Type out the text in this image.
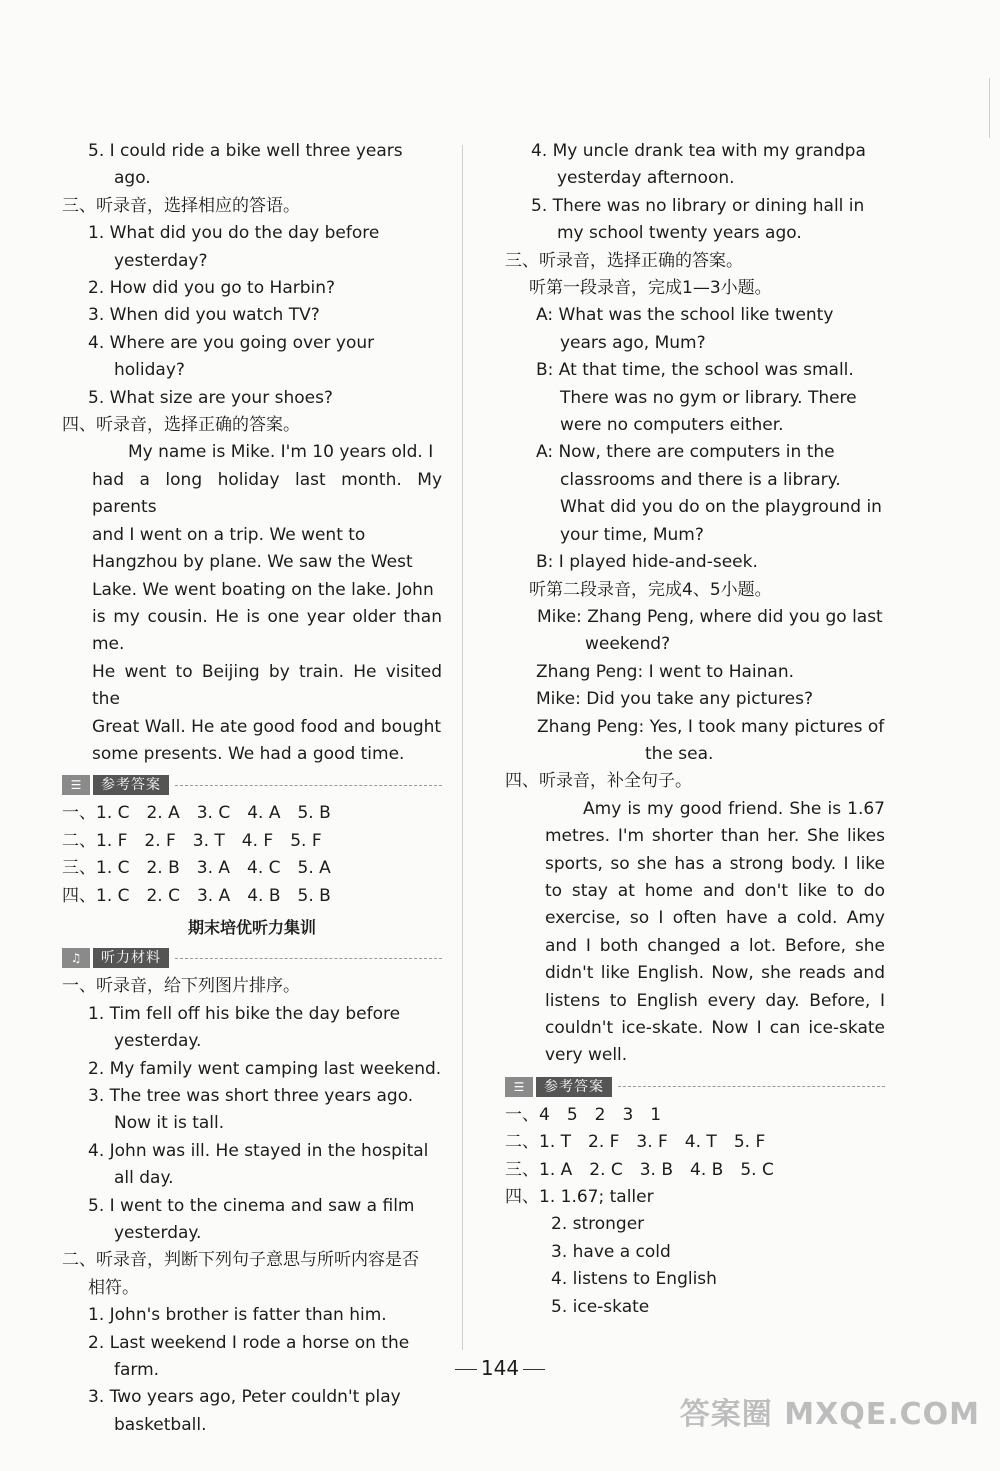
5. I could ride a bike well three years
ago.

三、听录音，选择相应的答语。

1. What did you do the day before
yesterday?

2. How did you go to Harbin?

3. When did you watch TV?

4. Where are you going over your holiday?

5. What size are your shoes?

四、听录音，选择正确的答案。

My name is Mike. I'm 10 years old. I
had a long holiday last month. My parents
and I went on a trip. We went to
Hangzhou by plane. We saw the West
Lake. We went boating on the lake. John
is my cousin. He is one year older than me.
He went to Beijing by train. He visited the
Great Wall. He ate good food and bought
some presents. We had a good time.
☰	参考答案
一、1. C　2. A　3. C　4. A　5. B
二、1. F　2. F　3. T　4. F　5. F
三、1. C　2. B　3. A　4. C　5. A
四、1. C　2. C　3. A　4. B　5. B
期末培优听力集训
♫	听力材料

一、听录音，给下列图片排序。

1. Tim fell off his bike the day before
yesterday.

2. My family went camping last weekend.

3. The tree was short three years ago.
Now it is tall.

4. John was ill. He stayed in the hospital
all day.

5. I went to the cinema and saw a film
yesterday.

二、听录音，判断下列句子意思与所听内容是否
相符。

1. John's brother is fatter than him.

2. Last weekend I rode a horse on the
farm.

3. Two years ago, Peter couldn't play
basketball.

4. My uncle drank tea with my grandpa
yesterday afternoon.

5. There was no library or dining hall in
my school twenty years ago.

三、听录音，选择正确的答案。

听第一段录音，完成1—3小题。

A: What was the school like twenty years ago, Mum?

B: At that time, the school was small. There was no gym or library. There were no computers either.

A: Now, there are computers in the classrooms and there is a library. What did you do on the playground in your time, Mum?

B: I played hide-and-seek.

听第二段录音，完成4、5小题。

Mike: Zhang Peng, where did you go last weekend?

Zhang Peng: I went to Hainan.

Mike: Did you take any pictures?

Zhang Peng: Yes, I took many pictures of the sea.

四、听录音，补全句子。

Amy is my good friend. She is 1.67 metres. I'm shorter than her. She likes sports, so she has a strong body. I like to stay at home and don't like to do exercise, so I often have a cold. Amy and I both changed a lot. Before, she didn't like English. Now, she reads and listens to English every day. Before, I couldn't ice-skate. Now I can ice-skate very well.

☰	参考答案
一、4　5　2　3　1
二、1. T　2. F　3. F　4. T　5. F
三、1. A　2. C　3. B　4. B　5. C
四、1. 1.67; taller
2. stronger
3. have a cold
4. listens to English
5. ice-skate
144
答案圈 MXQE.COM
